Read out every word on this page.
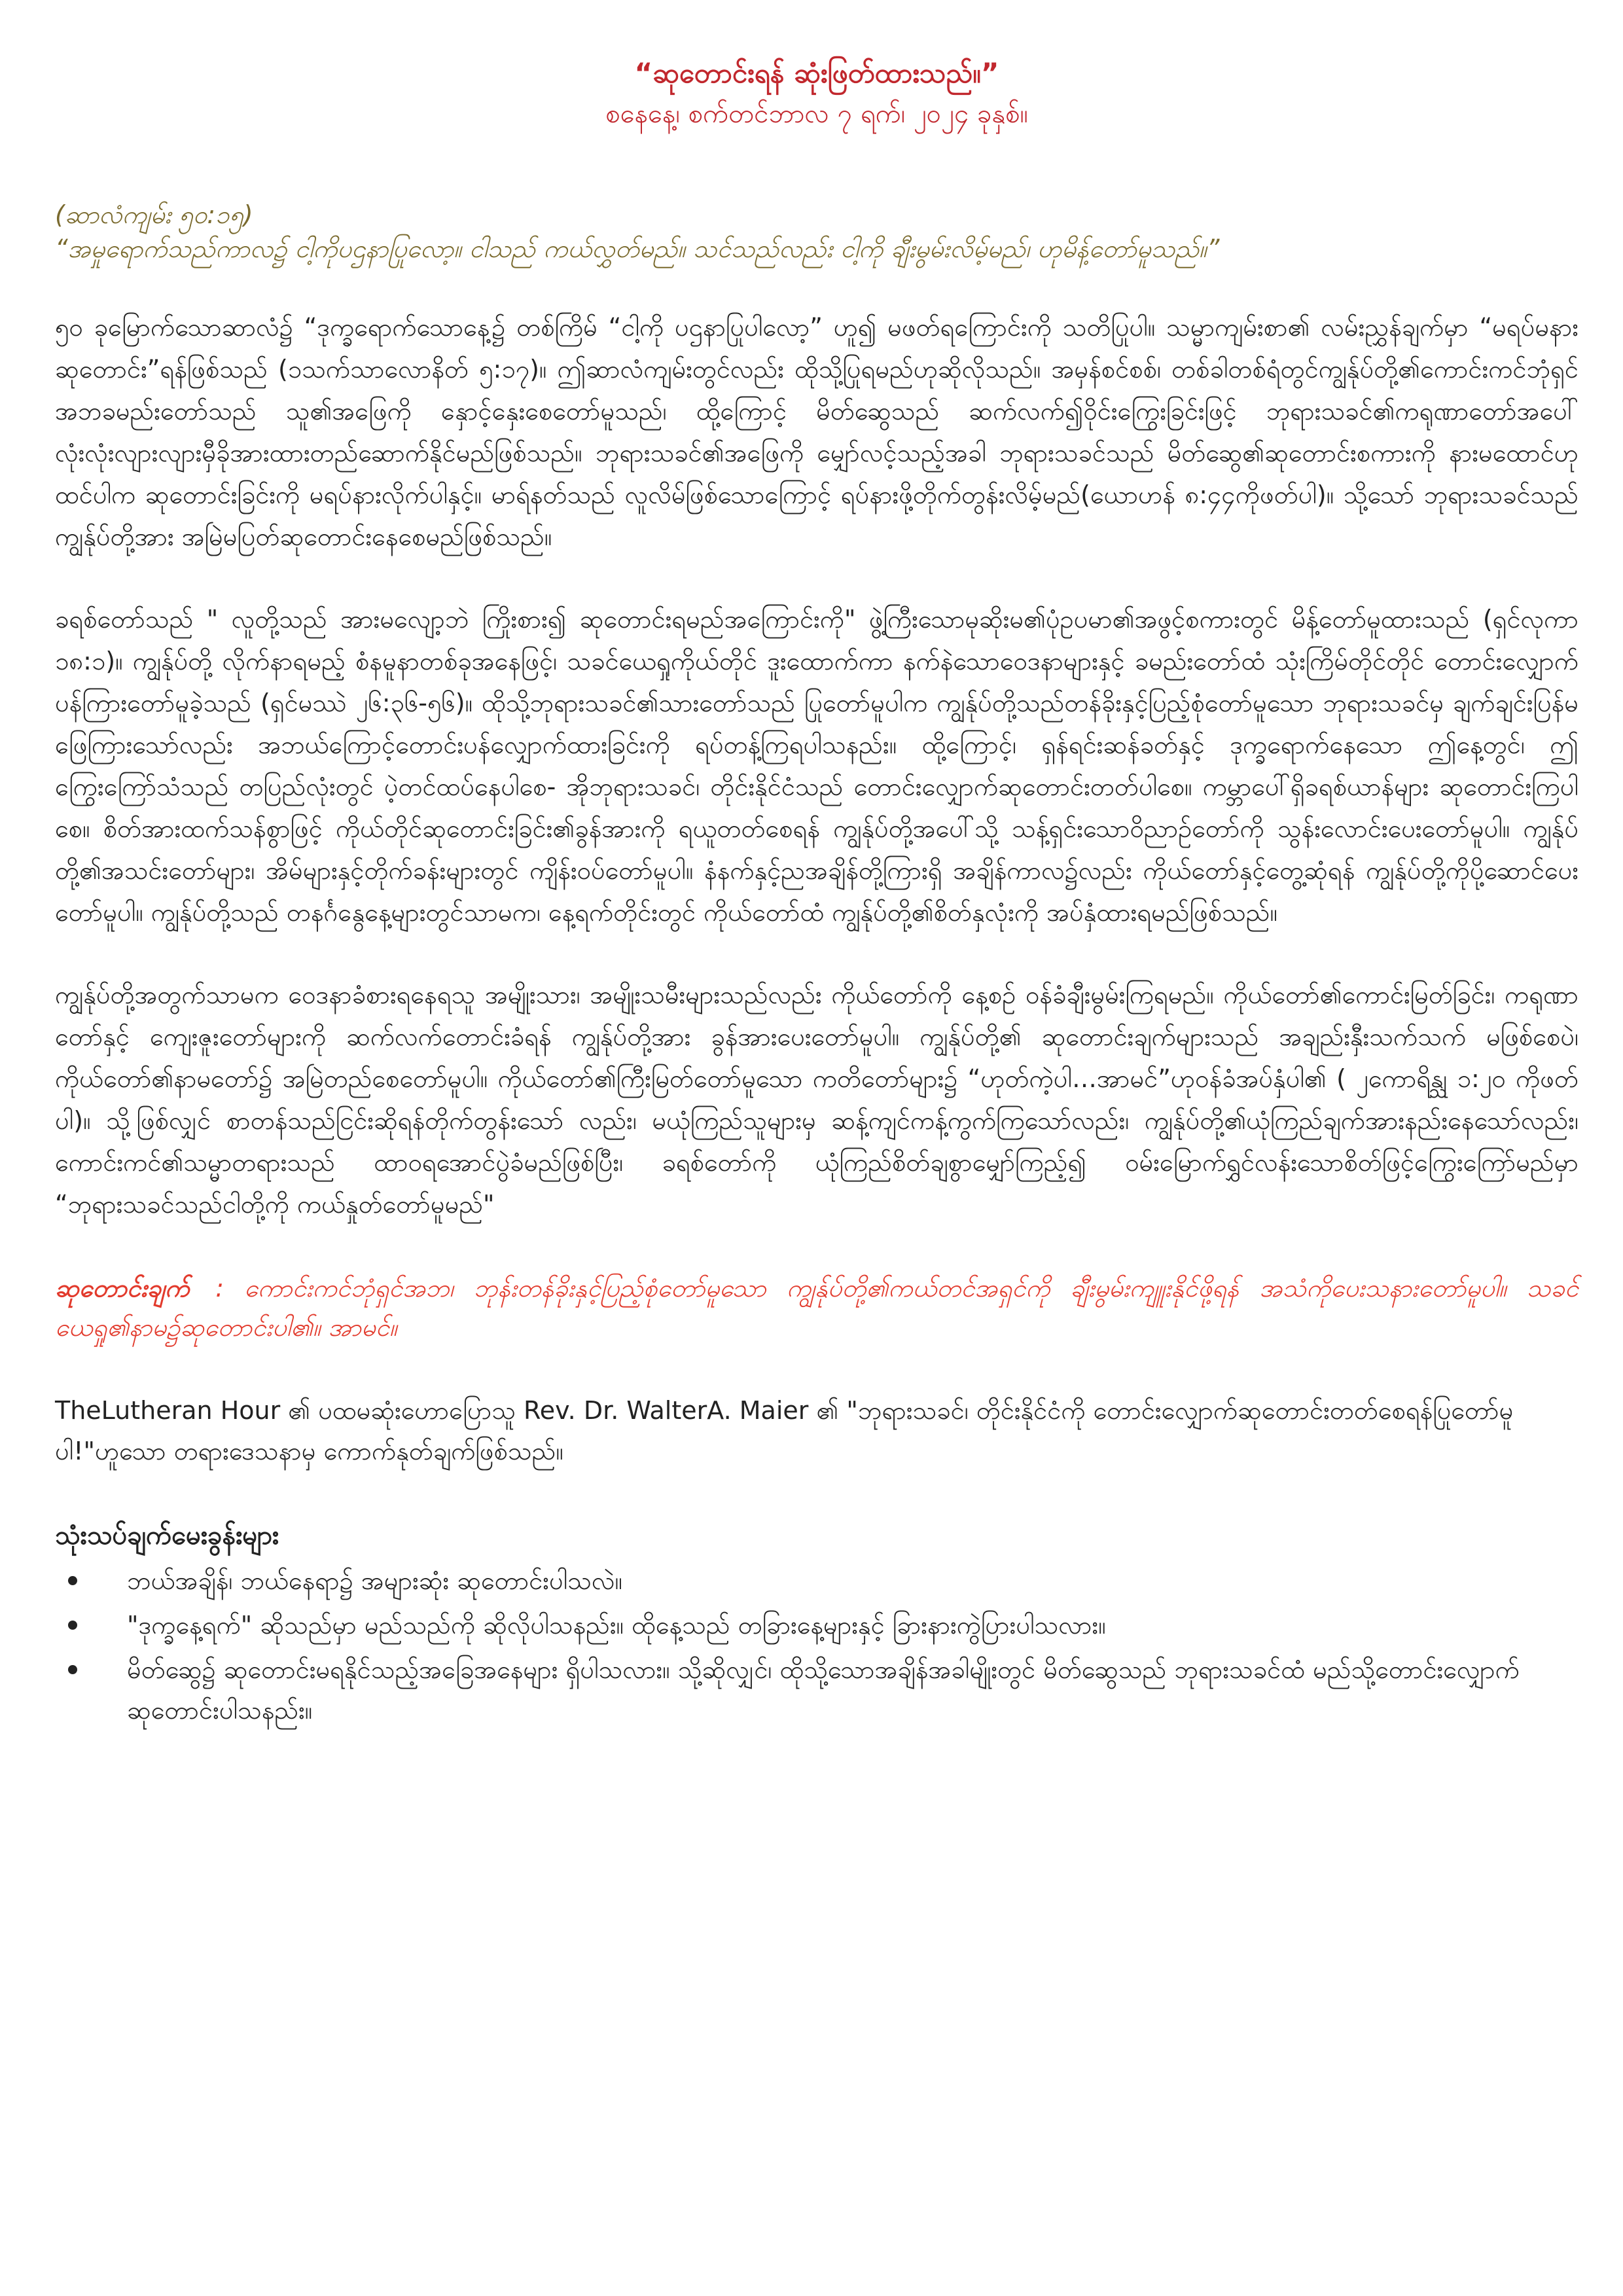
“ဆုတောင်းရန် ဆုံးဖြတ်ထားသည်။”

စနေနေ့၊ စက်တင်ဘာလ ၇ ရက်၊ ၂၀၂၄ ခုနှစ်။

(ဆာလံကျမ်း ၅၀:၁၅)

“အမှုရောက်သည်ကာလ၌ ငါ့ကိုပဌနာပြုလော့။ ငါသည် ကယ်လွှတ်မည်။ သင်သည်လည်း ငါ့ကို ချီးမွမ်းလိမ့်မည်၊ ဟုမိန့်တော်မူသည်။”

၅၀ ခုမြောက်သောဆာလံ၌ “ဒုက္ခရောက်သောနေ့၌ တစ်ကြိမ် “ငါ့ကို ပဌနာပြုပါလော့” ဟူ၍ မဖတ်ရကြောင်းကို သတိပြုပါ။ သမ္မာကျမ်းစာ၏ လမ်းညွှန်ချက်မှာ “မရပ်မနားဆုတောင်း”ရန်ဖြစ်သည် (၁သက်သာလောနိတ် ၅:၁၇)။ ဤဆာလံကျမ်းတွင်လည်း ထိုသို့ပြုရမည်ဟုဆိုလိုသည်။ အမှန်စင်စစ်၊ တစ်ခါတစ်ရံတွင်ကျွန်ုပ်တို့၏ကောင်းကင်ဘုံရှင်အဘခမည်းတော်သည် သူ၏အဖြေကို နှောင့်နှေးစေတော်မူသည်၊ ထို့ကြောင့် မိတ်ဆွေသည် ဆက်လက်၍ဝိုင်းကြွေးခြင်းဖြင့် ဘုရားသခင်၏ကရုဏာတော်အပေါ် လုံးလုံးလျားလျားမှီခိုအားထားတည်ဆောက်နိုင်မည်ဖြစ်သည်။ ဘုရားသခင်၏အဖြေကို မျှော်လင့်သည့်အခါ ဘုရားသခင်သည် မိတ်ဆွေ၏ဆုတောင်းစကားကို နားမထောင်ဟုထင်ပါက ဆုတောင်းခြင်းကို မရပ်နားလိုက်ပါနှင့်။ မာရ်နတ်သည် လူလိမ်ဖြစ်သောကြောင့် ရပ်နားဖို့တိုက်တွန်းလိမ့်မည်(ယောဟန် ၈:၄၄ကိုဖတ်ပါ)။ သို့သော် ဘုရားသခင်သည် ကျွန်ုပ်တို့အား အမြဲမပြတ်ဆုတောင်းနေစေမည်ဖြစ်သည်။

ခရစ်တော်သည် " လူတို့သည် အားမလျော့ဘဲ ကြိုးစား၍ ဆုတောင်းရမည်အကြောင်းကို" ဖွဲ့ကြီးသောမုဆိုးမ၏ပုံဥပမာ၏အဖွင့်စကားတွင် မိန့်တော်မူထားသည် (ရှင်လုကာ ၁၈:၁)။ ကျွန်ုပ်တို့ လိုက်နာရမည့် စံနမူနာတစ်ခုအနေဖြင့်၊ သခင်ယေရှုကိုယ်တိုင် ဒူးထောက်ကာ နက်နဲသောဝေဒနာများနှင့် ခမည်းတော်ထံ သုံးကြိမ်တိုင်တိုင် တောင်းလျှောက်ပန်ကြားတော်မူခဲ့သည် (ရှင်မဿဲ ၂၆:၃၆-၅၆)။ ထိုသို့ဘုရားသခင်၏သားတော်သည် ပြုတော်မူပါက ကျွန်ုပ်တို့သည်တန်ခိုးနှင့်ပြည့်စုံတော်မူသော ဘုရားသခင်မှ ချက်ချင်းပြန်မဖြေကြားသော်လည်း အဘယ်ကြောင့်တောင်းပန်လျှောက်ထားခြင်းကို ရပ်တန့်ကြရပါသနည်း။ ထို့ကြောင့်၊ ရှန်ရင်းဆန်ခတ်နှင့် ဒုက္ခရောက်နေသော ဤနေ့တွင်၊ ဤကြွေးကြော်သံသည် တပြည်လုံးတွင် ပဲ့တင်ထပ်နေပါစေ- အိုဘုရားသခင်၊ တိုင်းနိုင်ငံသည် တောင်းလျှောက်ဆုတောင်းတတ်ပါစေ။ ကမ္ဘာပေါ်ရှိခရစ်ယာန်များ ဆုတောင်းကြပါစေ။ စိတ်အားထက်သန်စွာဖြင့် ကိုယ်တိုင်ဆုတောင်းခြင်း၏ခွန်အားကို ရယူတတ်စေရန် ကျွန်ုပ်တို့အပေါ်သို့ သန့်ရှင်းသောဝိညာဉ်တော်ကို သွန်းလောင်းပေးတော်မူပါ။ ကျွန်ုပ်တို့၏အသင်းတော်များ၊ အိမ်များနှင့်တိုက်ခန်းများတွင် ကျိန်းဝပ်တော်မူပါ။ နံနက်နှင့်ညအချိန်တို့ကြားရှိ အချိန်ကာလ၌လည်း ကိုယ်တော်နှင့်တွေ့ဆုံရန် ကျွန်ုပ်တို့ကိုပို့ဆောင်ပေးတော်မူပါ။ ကျွန်ုပ်တို့သည် တနင်္ဂနွေနေ့များတွင်သာမက၊ နေ့ရက်တိုင်းတွင် ကိုယ်တော်ထံ ကျွန်ုပ်တို့၏စိတ်နှလုံးကို အပ်နှံထားရမည်ဖြစ်သည်။

ကျွန်ုပ်တို့အတွက်သာမက ဝေဒနာခံစားရနေရသူ အမျိုးသား၊ အမျိုးသမီးများသည်လည်း ကိုယ်တော်ကို နေ့စဉ် ဝန်ခံချီးမွမ်းကြရမည်။ ကိုယ်တော်၏ကောင်းမြတ်ခြင်း၊ ကရုဏာတော်နှင့် ကျေးဇူးတော်များကို ဆက်လက်တောင်းခံရန် ကျွန်ုပ်တို့အား ခွန်အားပေးတော်မူပါ။ ကျွန်ုပ်တို့၏ ဆုတောင်းချက်များသည် အချည်းနှီးသက်သက် မဖြစ်စေပဲ၊ ကိုယ်တော်၏နာမတော်၌ အမြဲတည်စေတော်မူပါ။ ကိုယ်တော်၏ကြီးမြတ်တော်မူသော ကတိတော်များ၌ “ဟုတ်ကဲ့ပါ…အာမင်”ဟုဝန်ခံအပ်နှံပါ၏ ( ၂ကောရိန္သု ၁:၂၀ ကိုဖတ်ပါ)။ သို့ဖြစ်လျှင် စာတန်သည်ငြင်းဆိုရန်တိုက်တွန်းသော် လည်း၊ မယုံကြည်သူများမှ ဆန့်ကျင်ကန့်ကွက်ကြသော်လည်း၊ ကျွန်ုပ်တို့၏ယုံကြည်ချက်အားနည်းနေသော်လည်း၊ ကောင်းကင်၏သမ္မာတရားသည် ထာဝရအောင်ပွဲခံမည်ဖြစ်ပြီး၊ ခရစ်တော်ကို ယုံကြည်စိတ်ချစွာမျှော်ကြည့်၍ ဝမ်းမြောက်ရွှင်လန်းသောစိတ်ဖြင့်ကြွေးကြော်မည်မှာ “ဘုရားသခင်သည်ငါတို့ကို ကယ်နှုတ်တော်မူမည်"

ဆုတောင်းချက် : ကောင်းကင်ဘုံရှင်အဘ၊ ဘုန်းတန်ခိုးနှင့်ပြည့်စုံတော်မူသော ကျွန်ုပ်တို့၏ကယ်တင်အရှင်ကို ချီးမွမ်းကျူးနိုင်ဖို့ရန် အသံကိုပေးသနားတော်မူပါ။ သခင်ယေရှု၏နာမ၌ဆုတောင်းပါ၏။ အာမင်။

TheLutheran Hour ၏ ပထမဆုံးဟောပြောသူ Rev. Dr. WalterA. Maier ၏ "ဘုရားသခင်၊ တိုင်းနိုင်ငံကို တောင်းလျှောက်ဆုတောင်းတတ်စေရန်ပြုတော်မူပါ!"ဟူသော တရားဒေသနာမှ ကောက်နုတ်ချက်ဖြစ်သည်။

သုံးသပ်ချက်မေးခွန်းများ
ဘယ်အချိန်၊ ဘယ်နေရာ၌ အများဆုံး ဆုတောင်းပါသလဲ။
"ဒုက္ခနေ့ရက်" ဆိုသည်မှာ မည်သည်ကို ဆိုလိုပါသနည်း။ ထိုနေ့သည် တခြားနေ့များနှင့် ခြားနားကွဲပြားပါသလား။
မိတ်ဆွေ၌ ဆုတောင်းမရနိုင်သည့်အခြေအနေများ ရှိပါသလား။ သို့ဆိုလျှင်၊ ထိုသို့သောအချိန်အခါမျိုးတွင် မိတ်ဆွေသည် ဘုရားသခင်ထံ မည်သို့တောင်းလျှောက်ဆုတောင်းပါသနည်း။
